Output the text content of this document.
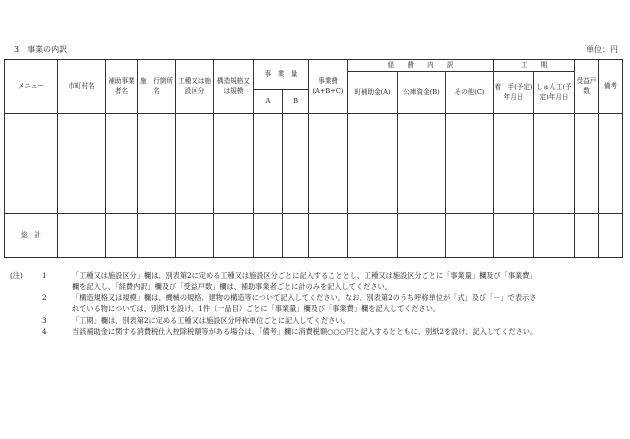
3　事業の内訳	単位：円
メニュー	市町村名	補助事業者名	施　行箇所名	工種又は施設区分	構造規格又は規模	事　業　量		事業費(A+B+C)	経　　費　　内　　訳			工　　期		受益戸数	備考
									町補助金(A)	公庫資金(B)	その他(C)	着　手(予定)年月日	しゅん工(予定)年月日		
						A	B								

総　計															
(注)	1	「工種又は施設区分」欄は、別表第2に定める工種又は施設区分ごとに記入することとし、工種又は施設区分ごとに「事業量」欄及び「事業費」
欄を記入し、「経費内訳」欄及び「受益戸数」欄は、補助事業者ごとに計のみを記入してください。
2	「構造規格又は規模」欄は、機械の規格、建物の構造等について記入してください。なお、別表第2のうち呼称単位が「式」及び「－」で表示さ
れている物については、別紙1を設け、1件（一品目）ごとに「事業量」欄及び「事業費」欄を記入してください。
3	「工期」欄は、別表第2に定める工種又は施設区分呼称単位ごとに記入してください。
4	当該補助金に関する消費税仕入控除税額等がある場合は、「備考」欄に消費税額○○○円と記入するとともに、別紙2を設け、記入してください。
